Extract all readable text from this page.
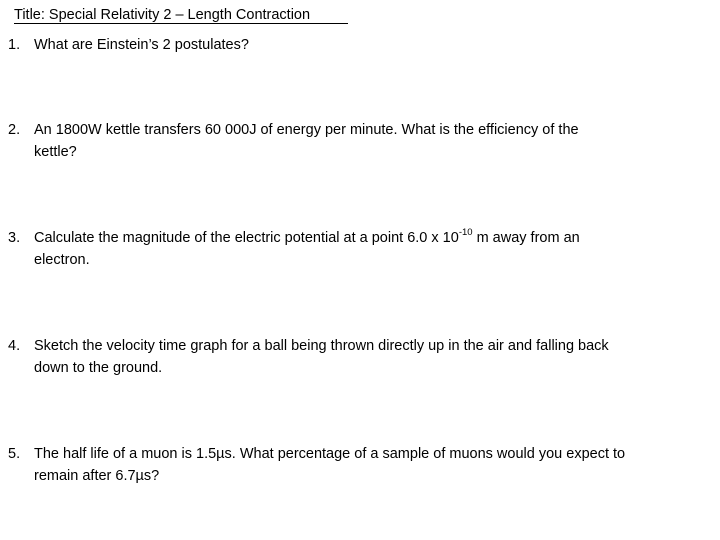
Title: Special Relativity 2 – Length Contraction
1. What are Einstein’s 2 postulates?
2. An 1800W kettle transfers 60 000J of energy per minute. What is the efficiency of the
kettle?
3. Calculate the magnitude of the electric potential at a point 6.0 x $10^{-10}$ m away from an
electron.
4. Sketch the velocity time graph for a ball being thrown directly up in the air and falling back
down to the ground.
5. The half life of a muon is 1.5µs. What percentage of a sample of muons would you expect to
remain after 6.7µs?
